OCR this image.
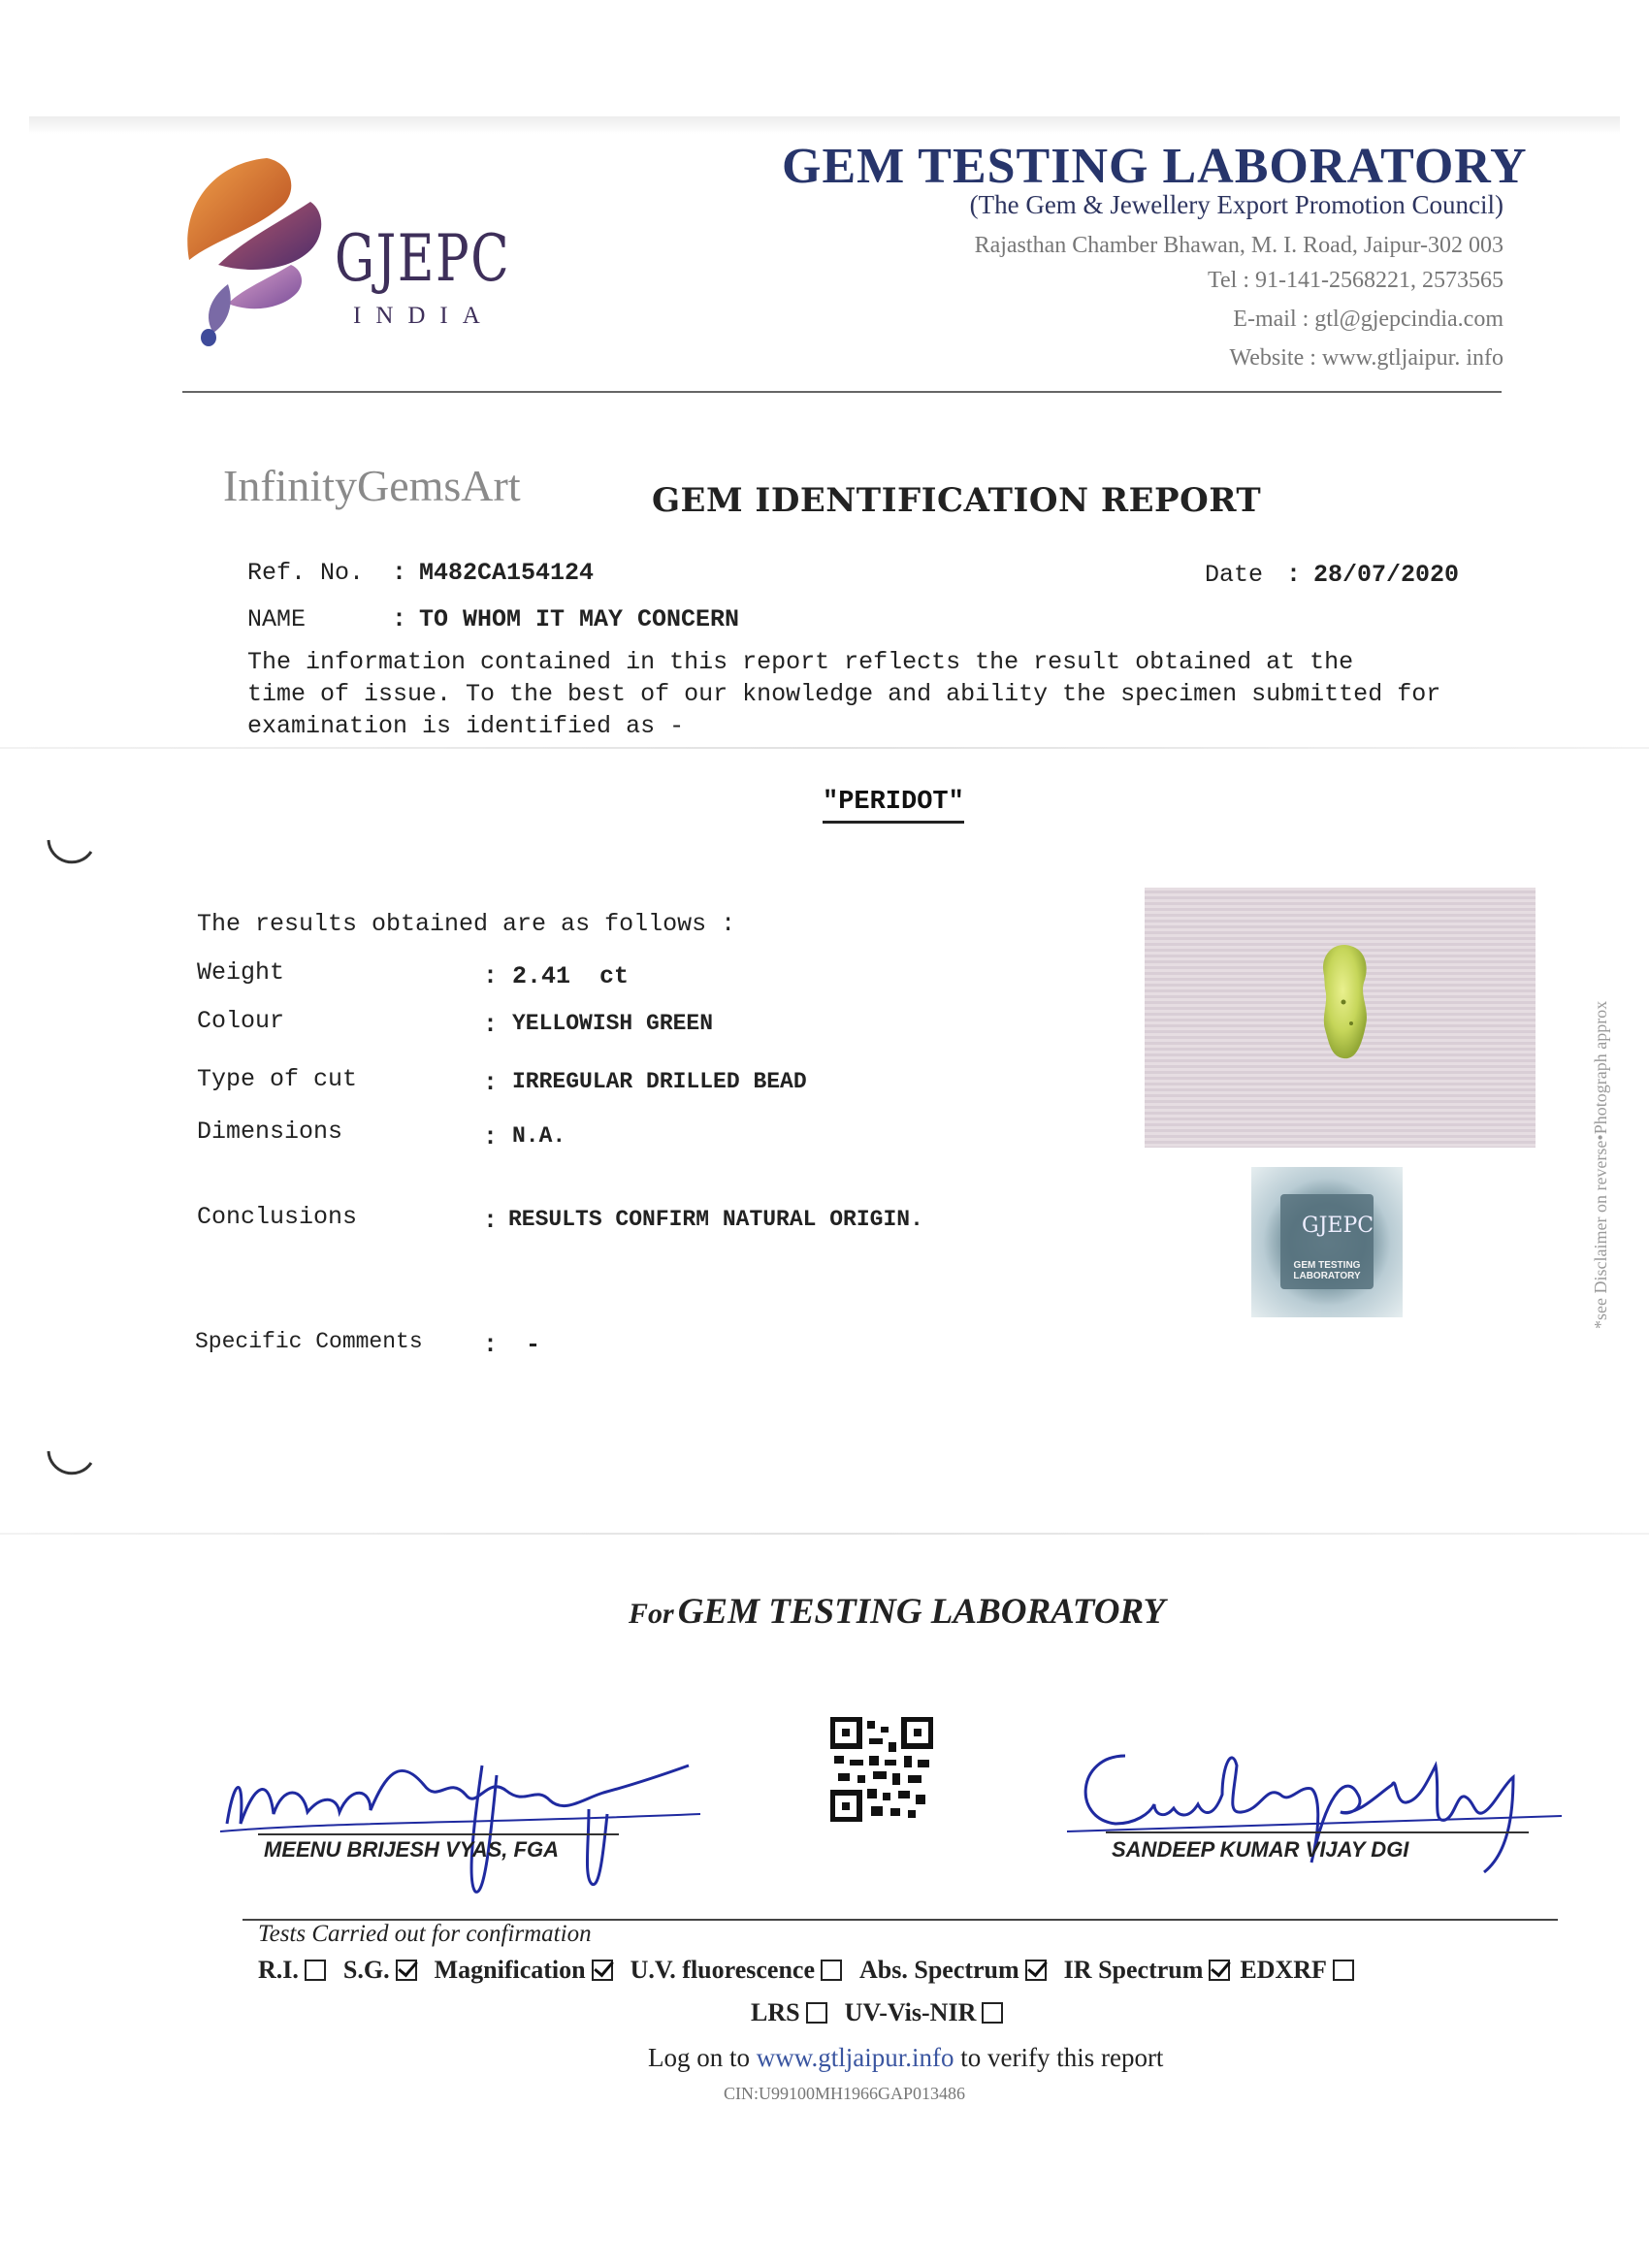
GJEPC
INDIA
GEM TESTING LABORATORY
(The Gem & Jewellery Export Promotion Council)
Rajasthan Chamber Bhawan, M. I. Road, Jaipur-302 003
Tel : 91-141-2568221, 2573565
E-mail : gtl@gjepcindia.com
Website : www.gtljaipur. info
InfinityGemsArt	GEM IDENTIFICATION REPORT
Ref. No. : M482CA154124	Date : 28/07/2020
NAME	: TO WHOM IT MAY CONCERN
The information contained in this report reflects the result obtained at the
time of issue. To the best of our knowledge and ability the specimen submitted for
examination is identified as -
"PERIDOT"
The results obtained are as follows :
Weight	: 2.41  ct
Colour	: YELLOWISH GREEN
Type of cut	: IRREGULAR DRILLED BEAD
Dimensions	: N.A.
Conclusions	: RESULTS CONFIRM NATURAL ORIGIN.
Specific Comments : -
GJEPC
GEM TESTING LABORATORY	*see Disclaimer on reverse•Photograph approx
For GEM TESTING LABORATORY
MEENU BRIJESH VYAS, FGA	SANDEEP KUMAR VIJAY DGI
Tests Carried out for confirmation
R.I. S.G. Magnification U.V. fluorescence Abs. Spectrum IR Spectrum EDXRF
LRS UV-Vis-NIR
Log on to www.gtljaipur.info to verify this report
CIN:U99100MH1966GAP013486
